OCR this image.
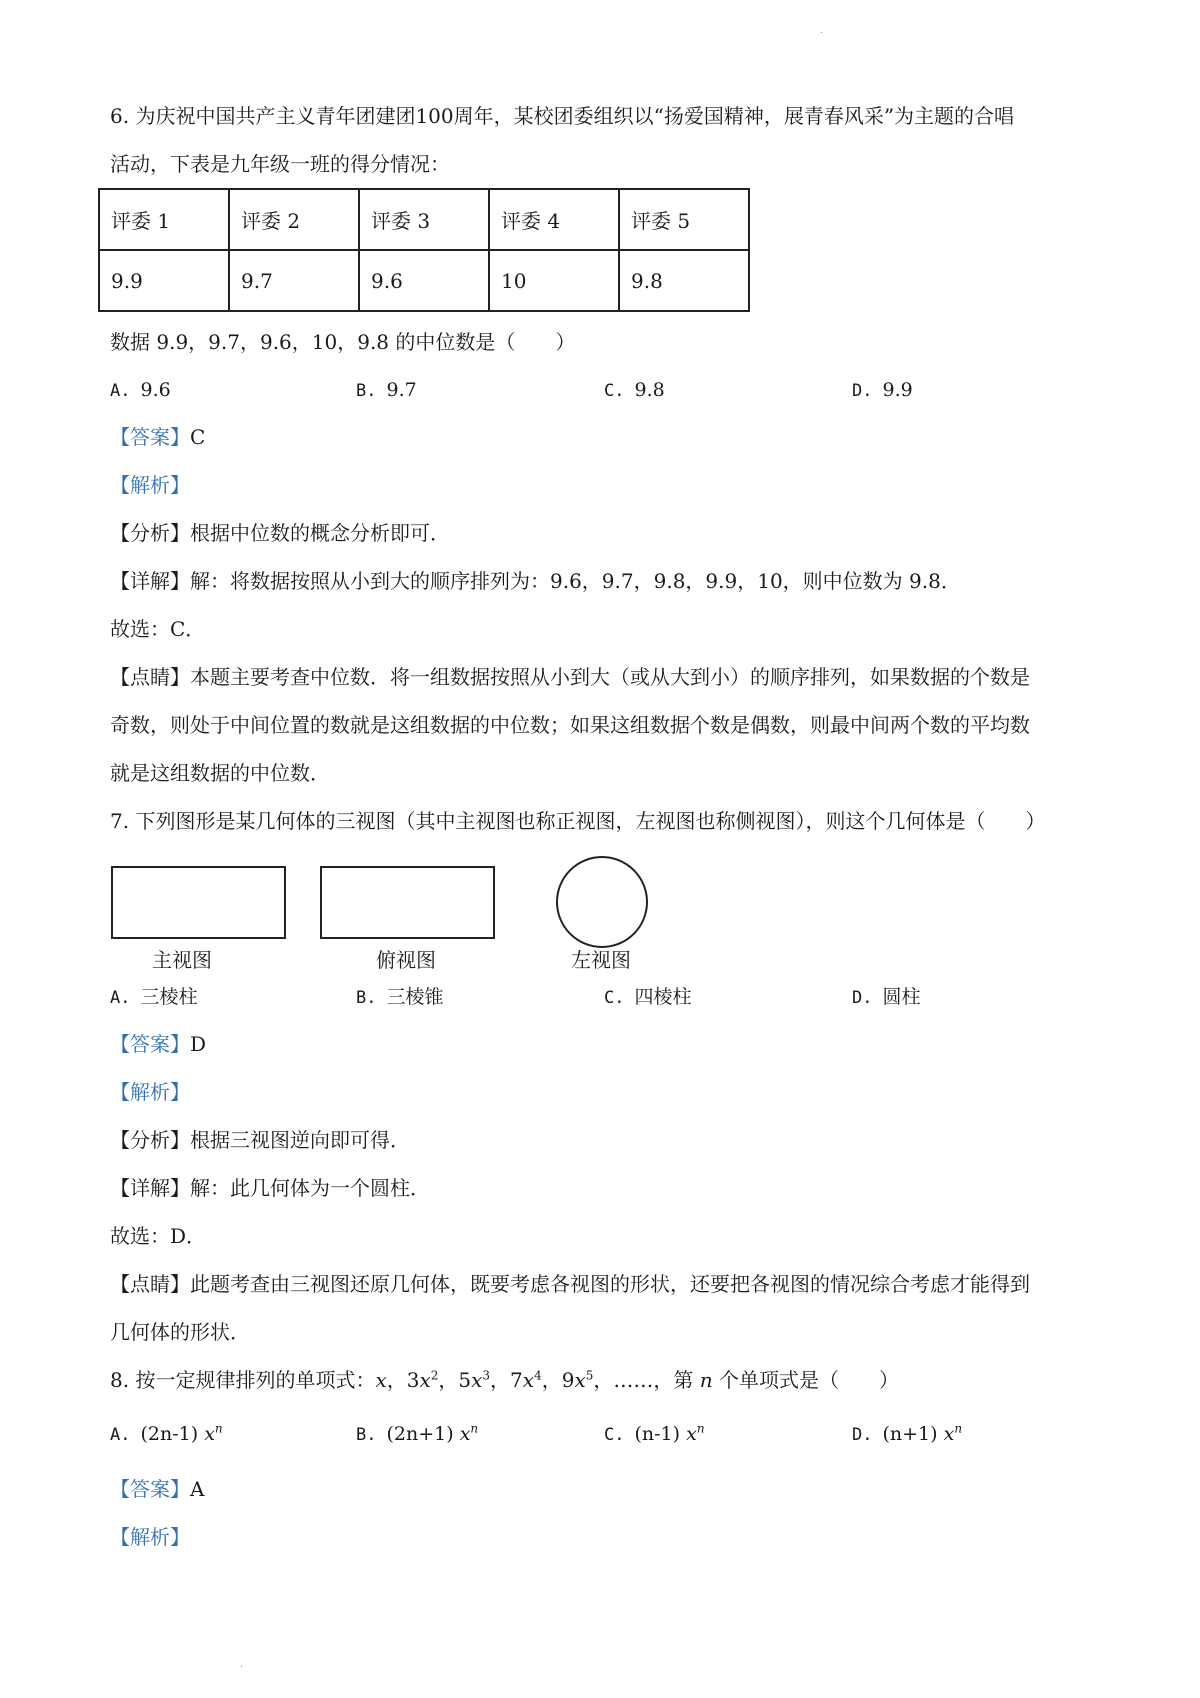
·
6. 为庆祝中国共产主义青年团建团100周年，某校团委组织以“扬爱国精神，展青春风采”为主题的合唱
活动，下表是九年级一班的得分情况：
评委 1	评委 2	评委 3	评委 4	评委 5
9.9	9.7	9.6	10	9.8
数据 9.9，9.7，9.6，10，9.8 的中位数是（　　）
A. 9.6	B. 9.7	C. 9.8	D. 9.9
【答案】C
【解析】
【分析】根据中位数的概念分析即可．
【详解】解：将数据按照从小到大的顺序排列为：9.6，9.7，9.8，9.9，10，则中位数为 9.8．
故选：C．
【点睛】本题主要考查中位数．将一组数据按照从小到大（或从大到小）的顺序排列，如果数据的个数是
奇数，则处于中间位置的数就是这组数据的中位数；如果这组数据个数是偶数，则最中间两个数的平均数
就是这组数据的中位数．
7. 下列图形是某几何体的三视图（其中主视图也称正视图，左视图也称侧视图），则这个几何体是（　　）
主视图	俯视图	左视图
A. 三棱柱	B. 三棱锥	C. 四棱柱	D. 圆柱
【答案】D
【解析】
【分析】根据三视图逆向即可得．
【详解】解：此几何体为一个圆柱．
故选：D．
【点睛】此题考查由三视图还原几何体，既要考虑各视图的形状，还要把各视图的情况综合考虑才能得到
几何体的形状．
8. 按一定规律排列的单项式：x，$3x^2$，$5x^3$，$7x^4$，$9x^5$，……，第 n 个单项式是（　　）
A. (2n-1) $x^n$	B. (2n+1) $x^n$	C. (n-1) $x^n$	D. (n+1) $x^n$
【答案】A
【解析】
·
